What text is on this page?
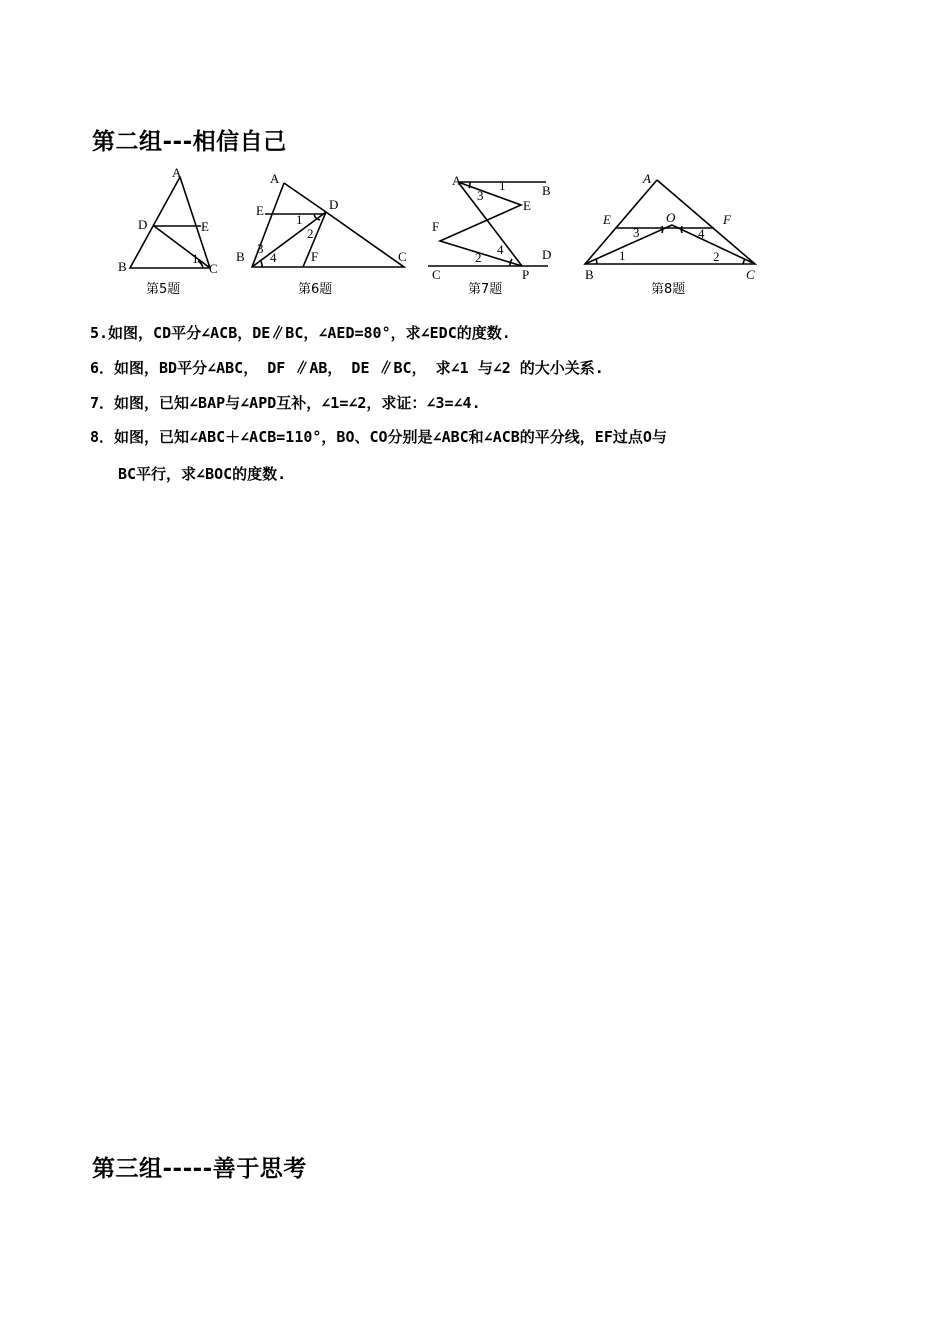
第二组---相信自己
A
D	E
B	C
1
第5题
A
E	D
1
2
3
4
B	F	C
第6题
A	1
3	B
E
F
4
2	D
C	P
第7题
A
E	O	F
3	4
1	2
B	C
第8题
5.如图，CD平分∠ACB，DE∥BC，∠AED=80°，求∠EDC的度数.
6．如图，BD平分∠ABC， DF ∥AB， DE ∥BC， 求∠1 与∠2 的大小关系.
7．如图，已知∠BAP与∠APD互补，∠1=∠2，求证：∠3=∠4.
8．如图，已知∠ABC＋∠ACB=110°，BO、CO分别是∠ABC和∠ACB的平分线，EF过点O与
BC平行，求∠BOC的度数.
第三组-----善于思考
